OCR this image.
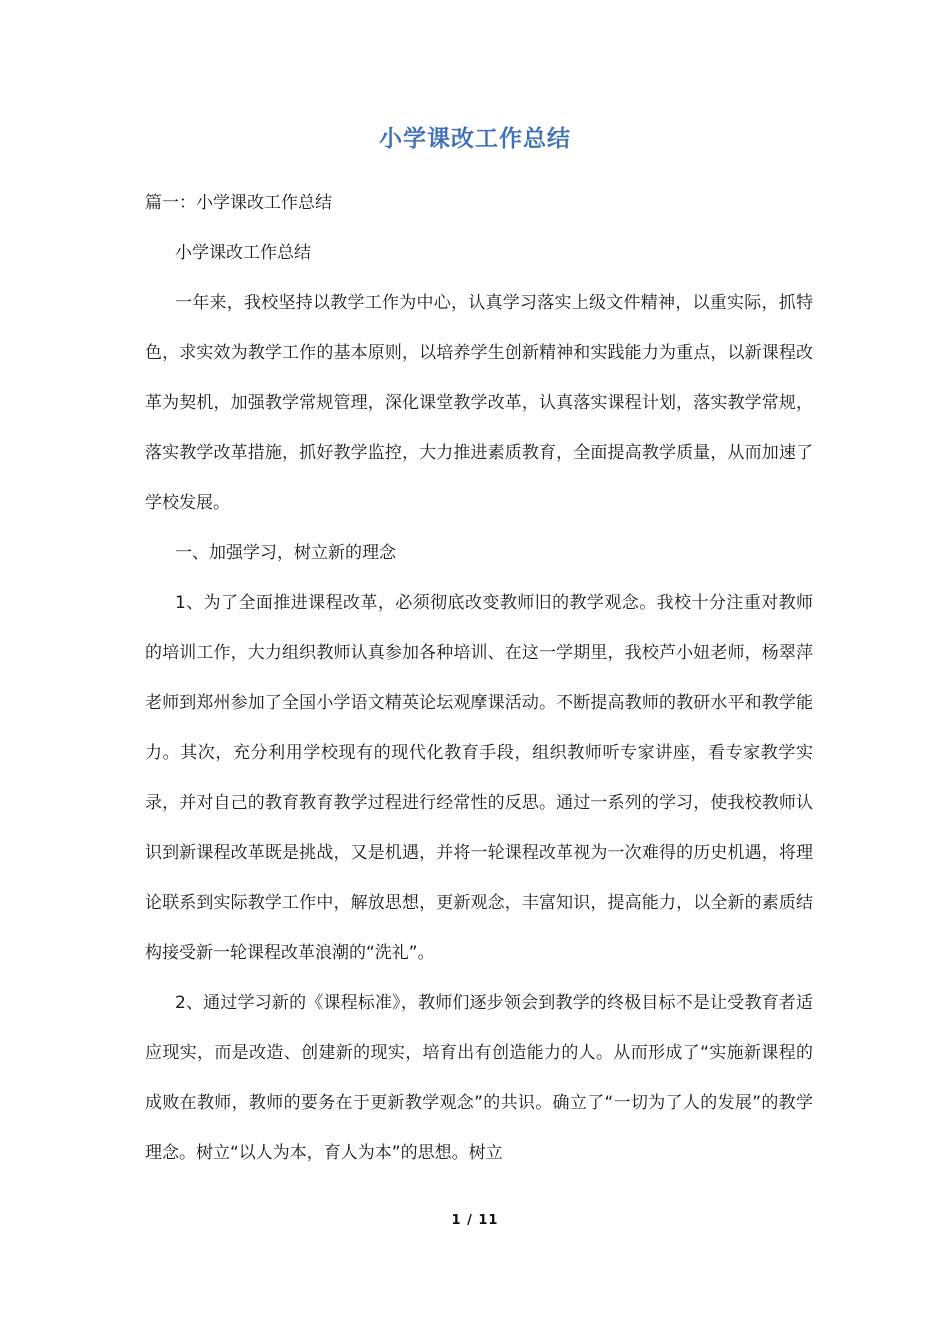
小学课改工作总结

篇一：小学课改工作总结

小学课改工作总结

一年来，我校坚持以教学工作为中心，认真学习落实上级文件精神，以重实际，抓特色，求实效为教学工作的基本原则，以培养学生创新精神和实践能力为重点，以新课程改革为契机，加强教学常规管理，深化课堂教学改革，认真落实课程计划，落实教学常规，落实教学改革措施，抓好教学监控，大力推进素质教育，全面提高教学质量，从而加速了学校发展。

一、加强学习，树立新的理念

1、为了全面推进课程改革，必须彻底改变教师旧的教学观念。我校十分注重对教师的培训工作，大力组织教师认真参加各种培训、在这一学期里，我校芦小妞老师，杨翠萍老师到郑州参加了全国小学语文精英论坛观摩课活动。不断提高教师的教研水平和教学能力。其次，充分利用学校现有的现代化教育手段，组织教师听专家讲座，看专家教学实录，并对自己的教育教育教学过程进行经常性的反思。通过一系列的学习，使我校教师认识到新课程改革既是挑战，又是机遇，并将一轮课程改革视为一次难得的历史机遇，将理论联系到实际教学工作中，解放思想，更新观念，丰富知识，提高能力，以全新的素质结构接受新一轮课程改革浪潮的“洗礼”。

2、通过学习新的《课程标准》，教师们逐步领会到教学的终极目标不是让受教育者适应现实，而是改造、创建新的现实，培育出有创造能力的人。从而形成了“实施新课程的成败在教师，教师的要务在于更新教学观念”的共识。确立了“一切为了人的发展”的教学理念。树立“以人为本，育人为本”的思想。树立

1 / 11
